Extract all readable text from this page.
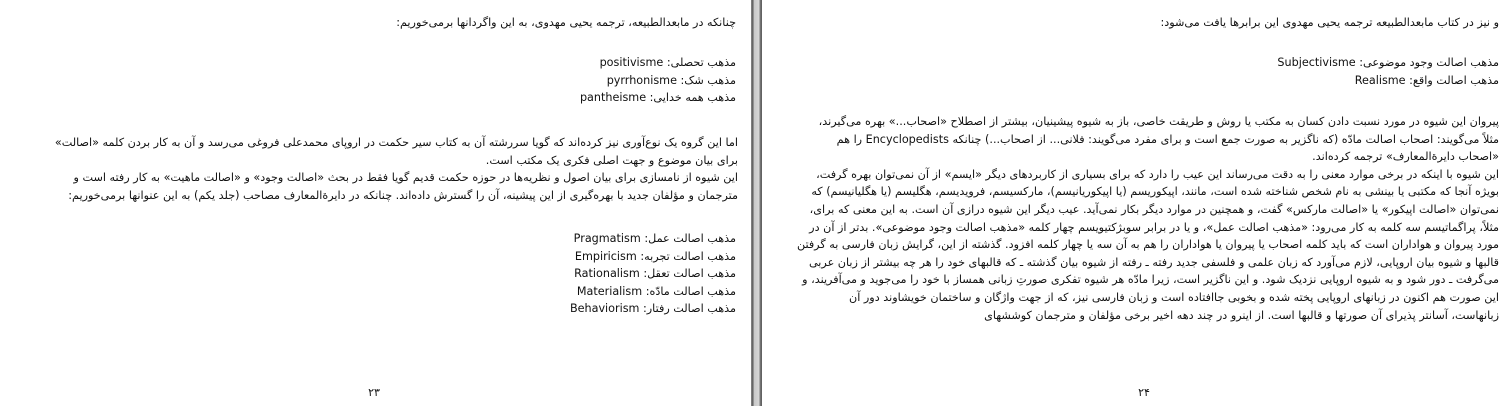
چنانکه در مابعدالطبیعه، ترجمه یحیی مهدوی، به این واگردانها برمی‌خوریم:
مذهب تحصلی: positivisme
مذهب شک: pyrrhonisme
مذهب همه خدایی: pantheisme
اما این گروه یک نوع‌آوری نیز کرده‌اند که گویا سررشته آن به کتاب سیر حکمت در اروپای محمدعلی فروغی می‌رسد و آن به کار بردن کلمه «اصالت»
برای بیان موضوع و جهت اصلی فکری یک مکتب است.
این شیوه از نامسازی برای بیان اصول و نظریه‌ها در حوزه حکمت قدیم گویا فقط در بحث «اصالت وجود» و «اصالت ماهیت» به کار رفته است و
مترجمان و مؤلفان جدید با بهره‌گیری از این پیشینه، آن را گسترش داده‌اند. چنانکه در دایرةالمعارف مصاحب (جلد یکم) به این عنوانها برمی‌خوریم:
مذهب اصالت عمل: Pragmatism
مذهب اصالت تجربه: Empiricism
مذهب اصالت تعقل: Rationalism
مذهب اصالت مادّه: Materialism
مذهب اصالت رفتار: Behaviorism
۲۳
و نیز در کتاب مابعدالطبیعه ترجمه یحیی مهدوی این برابرها یافت می‌شود:
مذهب اصالت وجود موضوعی: Subjectivisme
مذهب اصالت واقع: Realisme
پیروان این شیوه در مورد نسبت دادن کسان به مکتب یا روش و طریقت خاصی، باز به شیوه پیشینیان، بیشتر از اصطلاح «اصحاب...» بهره می‌گیرند،
مثلاً می‌گویند: اصحاب اصالت مادّه (که ناگزیر به صورت جمع است و برای مفرد می‌گویند: فلانی... از اصحاب...) چنانکه Encyclopedists را هم
«اصحاب دایرةالمعارف» ترجمه کرده‌اند.
این شیوه با اینکه در برخی موارد معنی را به دقت می‌رساند این عیب را دارد که برای بسیاری از کاربردهای دیگر «ایسم» از آن نمی‌توان بهره گرفت،
بویژه آنجا که مکتبی یا بینشی به نام شخص شناخته شده است، مانند، اپیکوریسم (یا اپیکوریانیسم)، مارکسیسم، فرویدیسم، هگلیسم (یا هگلیانیسم) که
نمی‌توان «اصالت اپیکور» یا «اصالت مارکس» گفت، و همچنین در موارد دیگر بکار نمی‌آید. عیب دیگر این شیوه درازی آن است. به این معنی که برای،
مثلاً، پراگماتیسم سه کلمه به کار می‌رود: «مذهب اصالت عمل»، و یا در برابر سوبژکتیویسم چهار کلمه «مذهب اصالت وجود موضوعی». بدتر از آن در
مورد پیروان و هواداران است که باید کلمه اصحاب یا پیروان یا هواداران را هم به آن سه یا چهار کلمه افزود. گذشته از این، گرایش زبان فارسی به گرفتن
قالبها و شیوه بیان اروپایی، لازم می‌آورد که زبان علمی و فلسفی جدید رفته ـ رفته از شیوه بیان گذشته ـ که قالبهای خود را هر چه بیشتر از زبان عربی
می‌گرفت ـ دور شود و به شیوه اروپایی نزدیک شود. و این ناگزیر است، زیرا مادّه هر شیوه تفکری صورتِ زبانی همساز با خود را می‌جوید و می‌آفریند، و
این صورت هم اکنون در زبانهای اروپایی پخته شده و بخوبی جاافتاده است و زبان فارسی نیز، که از جهت واژگان و ساختمان خویشاوند دور آن
زبانهاست، آسانتر پذیرای آن صورتها و قالبها است. از اینرو در چند دهه اخیر برخی مؤلفان و مترجمان کوششهای
۲۴
